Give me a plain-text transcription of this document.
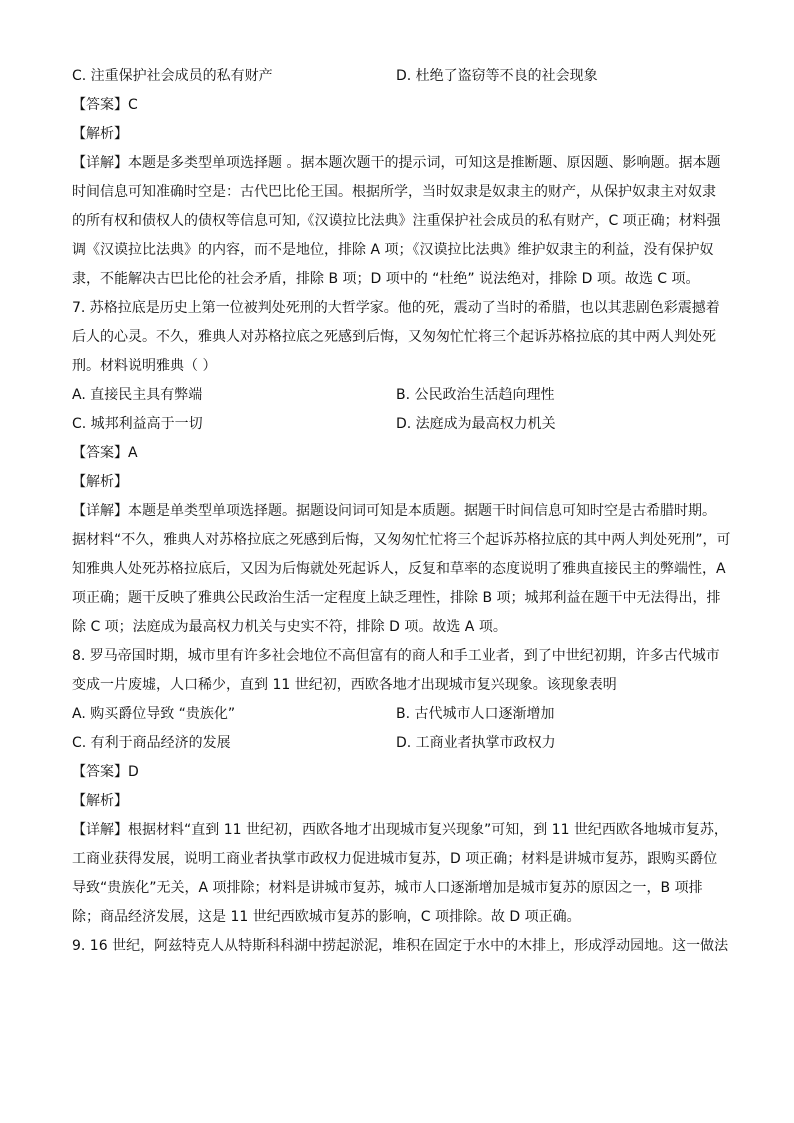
C. 注重保护社会成员的私有财产	D. 杜绝了盗窃等不良的社会现象
【答案】C
【解析】
【详解】本题是多类型单项选择题 。据本题次题干的提示词，可知这是推断题、原因题、影响题。据本题
时间信息可知准确时空是：古代巴比伦王国。根据所学，当时奴隶是奴隶主的财产，从保护奴隶主对奴隶
的所有权和债权人的债权等信息可知,《汉谟拉比法典》注重保护社会成员的私有财产，C 项正确；材料强
调《汉谟拉比法典》的内容，而不是地位，排除 A 项；《汉谟拉比法典》维护奴隶主的利益，没有保护奴
隶，不能解决古巴比伦的社会矛盾，排除 B 项；D 项中的 “杜绝” 说法绝对，排除 D 项。故选 C 项。
7. 苏格拉底是历史上第一位被判处死刑的大哲学家。他的死，震动了当时的希腊，也以其悲剧色彩震撼着
后人的心灵。不久，雅典人对苏格拉底之死感到后悔，又匆匆忙忙将三个起诉苏格拉底的其中两人判处死
刑。材料说明雅典（ ）
A. 直接民主具有弊端	B. 公民政治生活趋向理性
C. 城邦利益高于一切	D. 法庭成为最高权力机关
【答案】A
【解析】
【详解】本题是单类型单项选择题。据题设问词可知是本质题。据题干时间信息可知时空是古希腊时期。
据材料“不久，雅典人对苏格拉底之死感到后悔，又匆匆忙忙将三个起诉苏格拉底的其中两人判处死刑”，可
知雅典人处死苏格拉底后，又因为后悔就处死起诉人，反复和草率的态度说明了雅典直接民主的弊端性，A
项正确；题干反映了雅典公民政治生活一定程度上缺乏理性，排除 B 项；城邦利益在题干中无法得出，排
除 C 项；法庭成为最高权力机关与史实不符，排除 D 项。故选 A 项。
8. 罗马帝国时期，城市里有许多社会地位不高但富有的商人和手工业者，到了中世纪初期，许多古代城市
变成一片废墟，人口稀少，直到 11 世纪初，西欧各地才出现城市复兴现象。该现象表明
A. 购买爵位导致 “贵族化”	B. 古代城市人口逐渐增加
C. 有利于商品经济的发展	D. 工商业者执掌市政权力
【答案】D
【解析】
【详解】根据材料“直到 11 世纪初，西欧各地才出现城市复兴现象”可知，到 11 世纪西欧各地城市复苏，
工商业获得发展，说明工商业者执掌市政权力促进城市复苏，D 项正确；材料是讲城市复苏，跟购买爵位
导致“贵族化”无关，A 项排除；材料是讲城市复苏，城市人口逐渐增加是城市复苏的原因之一，B 项排
除；商品经济发展，这是 11 世纪西欧城市复苏的影响，C 项排除。故 D 项正确。
9. 16 世纪，阿兹特克人从特斯科科湖中捞起淤泥，堆积在固定于水中的木排上，形成浮动园地。这一做法
